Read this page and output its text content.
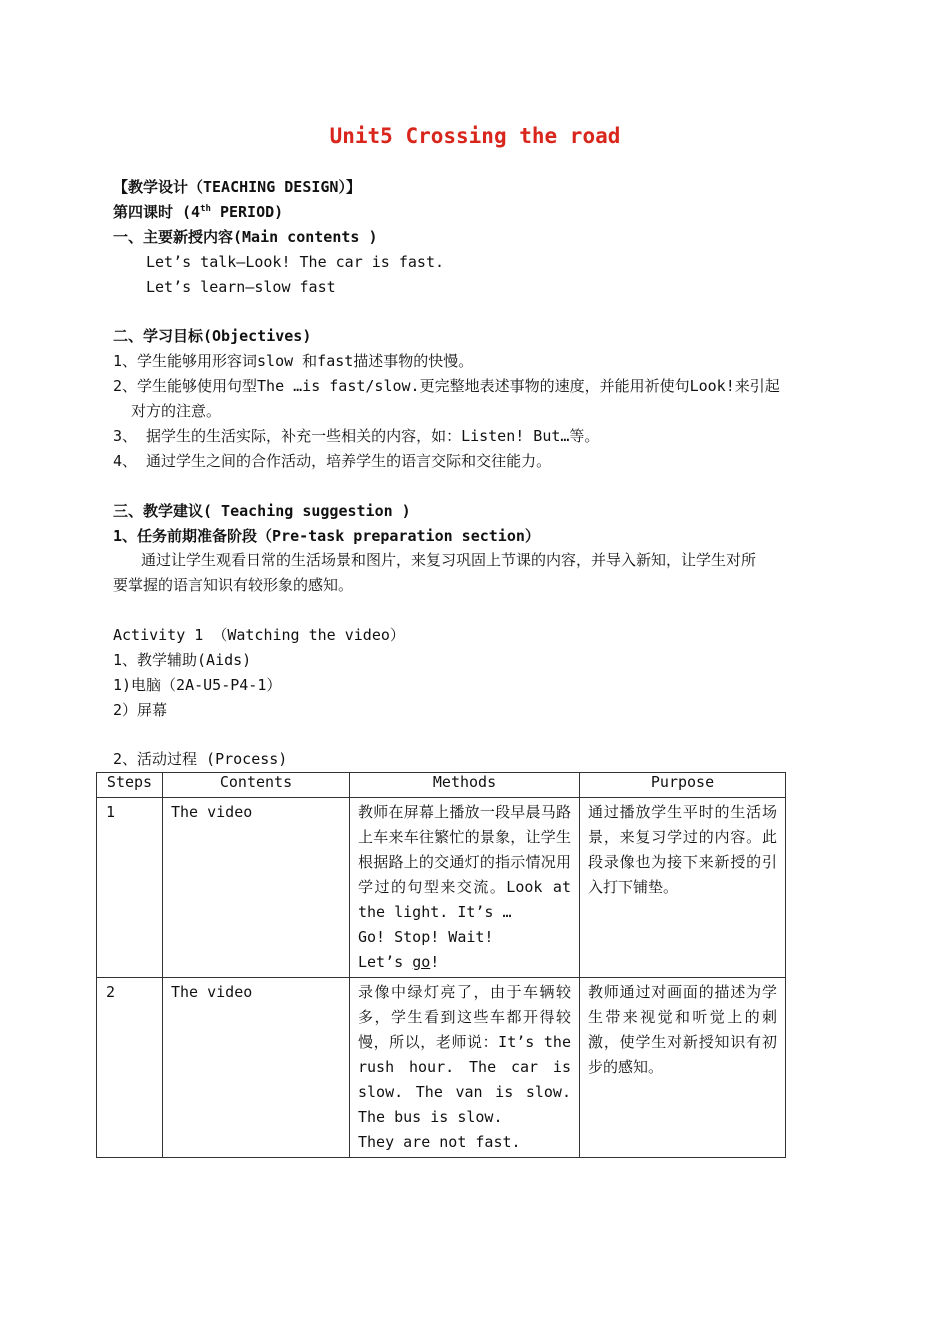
Unit5 Crossing the road
【教学设计（TEACHING DESIGN）】
第四课时 (4th PERIOD)
一、主要新授内容(Main contents )
Let’s talk—Look! The car is fast.
Let’s learn—slow fast
二、学习目标(Objectives)
1、学生能够用形容词slow 和fast描述事物的快慢。
2、学生能够使用句型The …is fast/slow.更完整地表述事物的速度，并能用祈使句Look!来引起
对方的注意。
3、 据学生的生活实际，补充一些相关的内容，如：Listen! But…等。
4、 通过学生之间的合作活动，培养学生的语言交际和交往能力。
三、教学建议( Teaching suggestion )
1、任务前期准备阶段（Pre-task preparation section）
通过让学生观看日常的生活场景和图片，来复习巩固上节课的内容，并导入新知，让学生对所
要掌握的语言知识有较形象的感知。
Activity 1 （Watching the video）
1、教学辅助(Aids)
1)电脑（2A-U5-P4-1）
2）屏幕
2、活动过程 (Process)
Steps	Contents	Methods	Purpose
1	The video	教师在屏幕上播放一段早晨马路上车来车往繁忙的景象，让学生根据路上的交通灯的指示情况用学过的句型来交流。Look at the light. It’s …
Go! Stop! Wait!
Let’s go!	通过播放学生平时的生活场景，来复习学过的内容。此段录像也为接下来新授的引入打下铺垫。
2	The video	录像中绿灯亮了，由于车辆较多，学生看到这些车都开得较慢，所以，老师说：It’s the rush hour. The car is slow. The van is slow. The bus is slow.
They are not fast.	教师通过对画面的描述为学生带来视觉和听觉上的刺激，使学生对新授知识有初步的感知。
